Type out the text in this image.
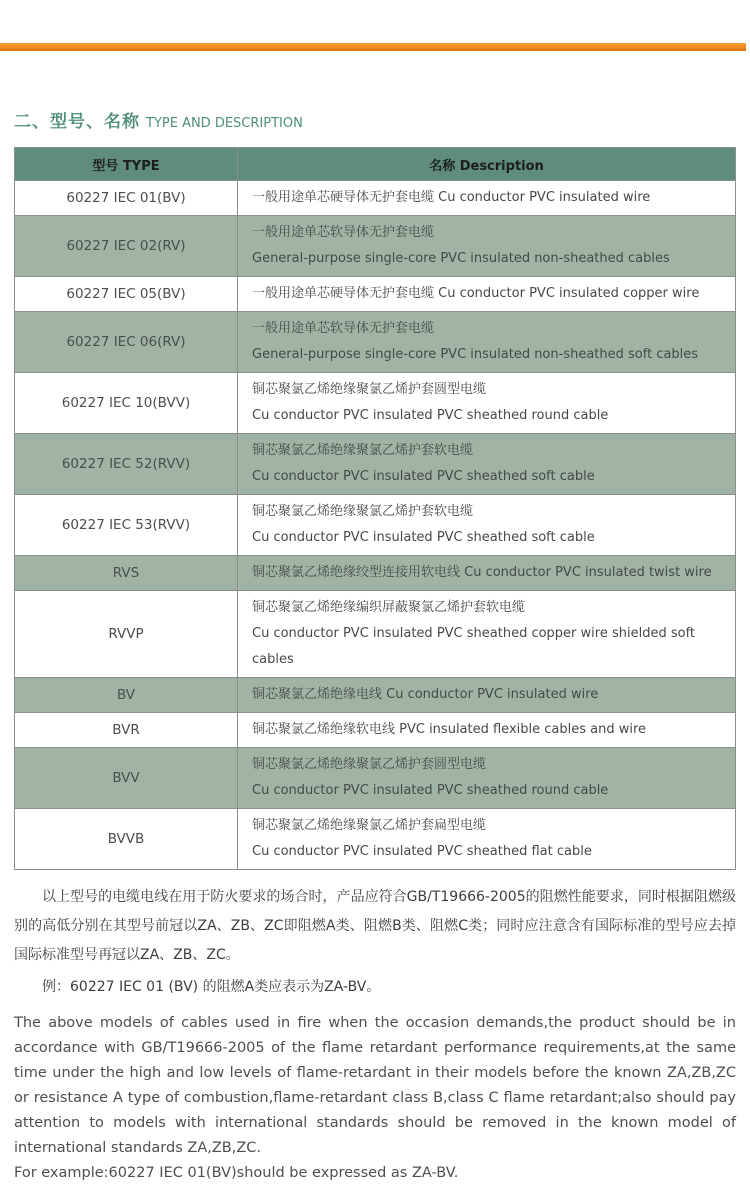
二、型号、名称 TYPE AND DESCRIPTION
型号 TYPE	名称 Description
60227 IEC 01(BV)	一般用途单芯硬导体无护套电缆 Cu conductor PVC insulated wire

60227 IEC 02(RV)	一般用途单芯软导体无护套电缆
General-purpose single-core PVC insulated non-sheathed cables

60227 IEC 05(BV)	一般用途单芯硬导体无护套电缆 Cu conductor PVC insulated copper wire

60227 IEC 06(RV)	一般用途单芯软导体无护套电缆
General-purpose single-core PVC insulated non-sheathed soft cables

60227 IEC 10(BVV)	铜芯聚氯乙烯绝缘聚氯乙烯护套圆型电缆
Cu conductor PVC insulated PVC sheathed round cable

60227 IEC 52(RVV)	铜芯聚氯乙烯绝缘聚氯乙烯护套软电缆
Cu conductor PVC insulated PVC sheathed soft cable

60227 IEC 53(RVV)	铜芯聚氯乙烯绝缘聚氯乙烯护套软电缆
Cu conductor PVC insulated PVC sheathed soft cable

RVS	铜芯聚氯乙烯绝缘绞型连接用软电线 Cu conductor PVC insulated twist wire

RVVP	铜芯聚氯乙烯绝缘编织屏蔽聚氯乙烯护套软电缆
Cu conductor PVC insulated PVC sheathed copper wire shielded soft cables

BV	铜芯聚氯乙烯绝缘电线 Cu conductor PVC insulated wire

BVR	铜芯聚氯乙烯绝缘软电线 PVC insulated flexible cables and wire

BVV	铜芯聚氯乙烯绝缘聚氯乙烯护套圆型电缆
Cu conductor PVC insulated PVC sheathed round cable

BVVB	铜芯聚氯乙烯绝缘聚氯乙烯护套扁型电缆
Cu conductor PVC insulated PVC sheathed flat cable

以上型号的电缆电线在用于防火要求的场合时，产品应符合GB/T19666-2005的阻燃性能要求，同时根据阻燃级别的高低分别在其型号前冠以ZA、ZB、ZC即阻燃A类、阻燃B类、阻燃C类；同时应注意含有国际标准的型号应去掉国际标准型号再冠以ZA、ZB、ZC。

例：60227 IEC 01 (BV) 的阻燃A类应表示为ZA-BV。

The above models of cables used in fire when the occasion demands,the product should be in accordance with GB/T19666-2005 of the flame retardant performance requirements,at the same time under the high and low levels of flame-retardant in their models before the known ZA,ZB,ZC or resistance A type of combustion,flame-retardant class B,class C flame retardant;also should pay attention to models with international standards should be removed in the known model of international standards ZA,ZB,ZC.

For example:60227 IEC 01(BV)should be expressed as ZA-BV.
